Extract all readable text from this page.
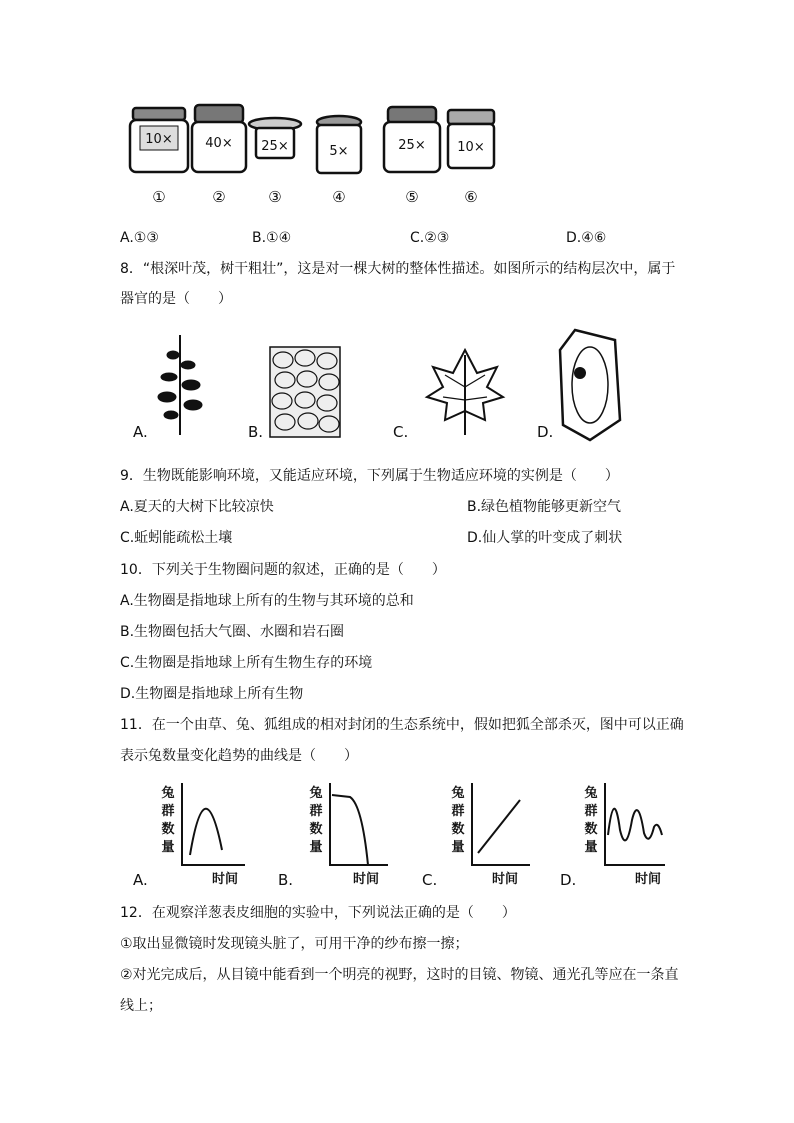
10×	40× 25×	5×	25× 10×
①	②	③	④	⑤	⑥
A.①③	B.①④	C.②③	D.④⑥
8．“根深叶茂，树干粗壮”，这是对一棵大树的整体性描述。如图所示的结构层次中，属于
器官的是（　　）
A.	B.	C.	D.
9．生物既能影响环境，又能适应环境，下列属于生物适应环境的实例是（　　）
A.夏天的大树下比较凉快	B.绿色植物能够更新空气
C.蚯蚓能疏松土壤	D.仙人掌的叶变成了刺状
10．下列关于生物圈问题的叙述，正确的是（　　）
A.生物圈是指地球上所有的生物与其环境的总和
B.生物圈包括大气圈、水圈和岩石圈
C.生物圈是指地球上所有生物生存的环境
D.生物圈是指地球上所有生物
11．在一个由草、兔、狐组成的相对封闭的生态系统中，假如把狐全部杀灭，图中可以正确
表示兔数量变化趋势的曲线是（　　）
兔
群
数
量
兔
群
数
量
兔
群
数
量
兔
群
数
量
时间	时间	时间	时间
A.	B.	C.	D.
12．在观察洋葱表皮细胞的实验中，下列说法正确的是（　　）
①取出显微镜时发现镜头脏了，可用干净的纱布擦一擦；
②对光完成后，从目镜中能看到一个明亮的视野，这时的目镜、物镜、通光孔等应在一条直
线上；
